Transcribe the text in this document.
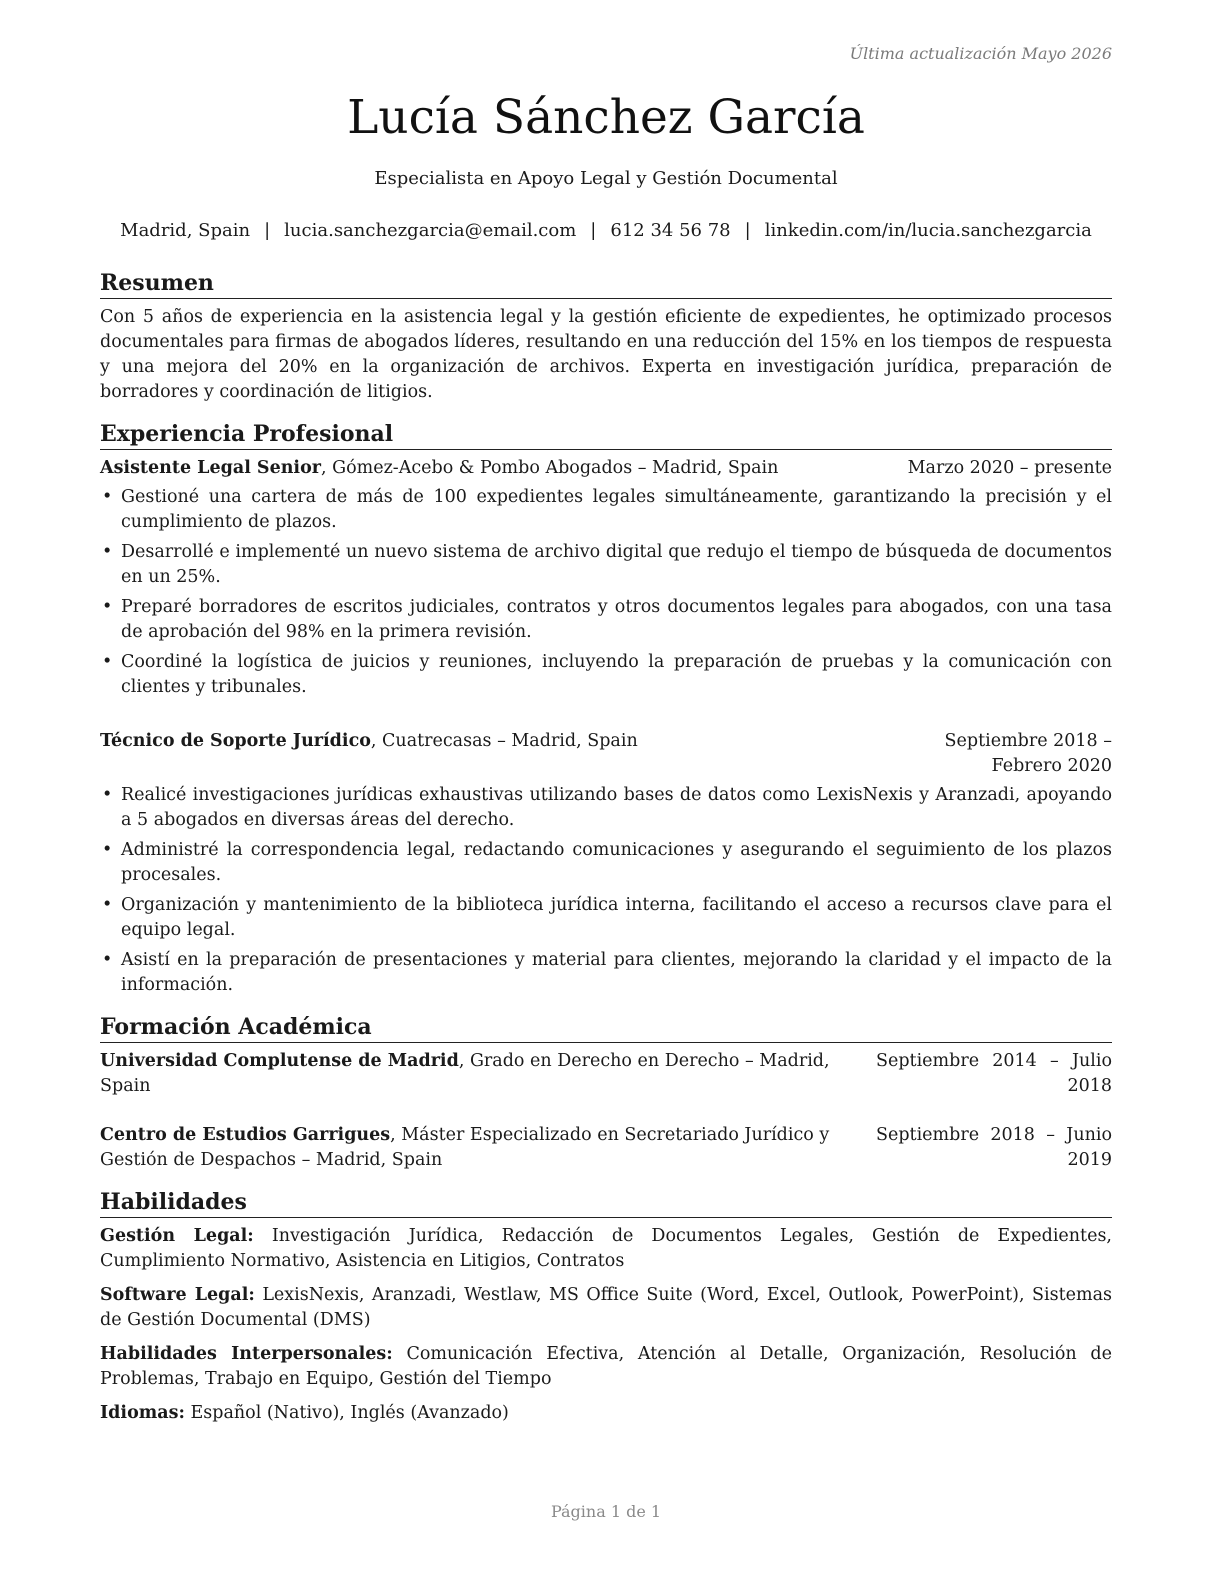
Última actualización Mayo 2026
Lucía Sánchez García
Especialista en Apoyo Legal y Gestión Documental
Madrid, Spain | lucia.sanchezgarcia@email.com | 612 34 56 78 | linkedin.com/in/lucia.sanchezgarcia
Resumen

Con 5 años de experiencia en la asistencia legal y la gestión eficiente de expedientes, he optimizado procesos documentales para firmas de abogados líderes, resultando en una reducción del 15% en los tiempos de respuesta y una mejora del 20% en la organización de archivos. Experta en investigación jurídica, preparación de borradores y coordinación de litigios.

Experiencia Profesional
Asistente Legal Senior, Gómez-Acebo & Pombo Abogados – Madrid, Spain	Marzo 2020 – presente
• Gestioné una cartera de más de 100 expedientes legales simultáneamente, garantizando la precisión y el cumplimiento de plazos.
• Desarrollé e implementé un nuevo sistema de archivo digital que redujo el tiempo de búsqueda de documentos en un 25%.
• Preparé borradores de escritos judiciales, contratos y otros documentos legales para abogados, con una tasa de aprobación del 98% en la primera revisión.
• Coordiné la logística de juicios y reuniones, incluyendo la preparación de pruebas y la comunicación con clientes y tribunales.
Técnico de Soporte Jurídico, Cuatrecasas – Madrid, Spain	Septiembre 2018 – Febrero 2020
• Realicé investigaciones jurídicas exhaustivas utilizando bases de datos como LexisNexis y Aranzadi, apoyando a 5 abogados en diversas áreas del derecho.
• Administré la correspondencia legal, redactando comunicaciones y asegurando el seguimiento de los plazos procesales.
• Organización y mantenimiento de la biblioteca jurídica interna, facilitando el acceso a recursos clave para el equipo legal.
• Asistí en la preparación de presentaciones y material para clientes, mejorando la claridad y el impacto de la información.
Formación Académica
Universidad Complutense de Madrid, Grado en Derecho en Derecho – Madrid, Spain
Septiembre 2014 – Julio 2018
Centro de Estudios Garrigues, Máster Especializado en Secretariado Jurídico y Gestión de Despachos – Madrid, Spain
Septiembre 2018 – Junio 2019
Habilidades

Gestión Legal: Investigación Jurídica, Redacción de Documentos Legales, Gestión de Expedientes, Cumplimiento Normativo, Asistencia en Litigios, Contratos

Software Legal: LexisNexis, Aranzadi, Westlaw, MS Office Suite (Word, Excel, Outlook, PowerPoint), Sistemas de Gestión Documental (DMS)

Habilidades Interpersonales: Comunicación Efectiva, Atención al Detalle, Organización, Resolución de Problemas, Trabajo en Equipo, Gestión del Tiempo

Idiomas: Español (Nativo), Inglés (Avanzado)

Página 1 de 1
